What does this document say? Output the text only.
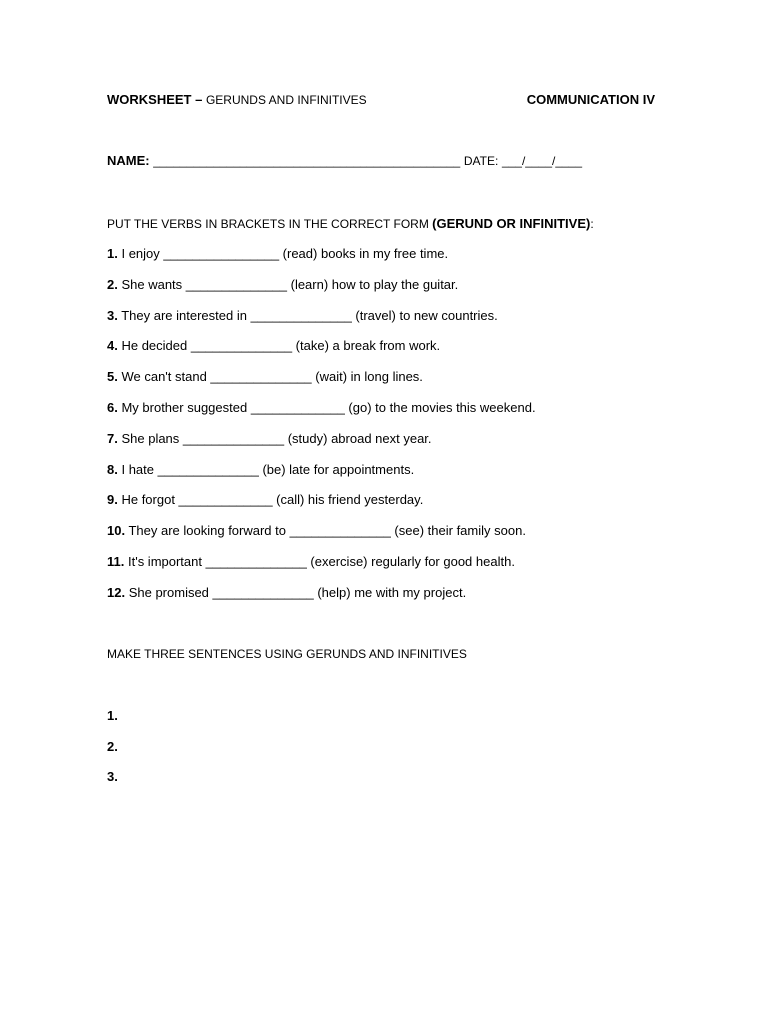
WORKSHEET – GERUNDS AND INFINITIVES	COMMUNICATION IV
NAME: ______________________________________________ DATE: ___/____/____
PUT THE VERBS IN BRACKETS IN THE CORRECT FORM (GERUND OR INFINITIVE):
1. I enjoy ________________ (read) books in my free time.
2. She wants ______________ (learn) how to play the guitar.
3. They are interested in ______________ (travel) to new countries.
4. He decided ______________ (take) a break from work.
5. We can't stand ______________ (wait) in long lines.
6. My brother suggested _____________ (go) to the movies this weekend.
7. She plans ______________ (study) abroad next year.
8. I hate ______________ (be) late for appointments.
9. He forgot _____________ (call) his friend yesterday.
10. They are looking forward to ______________ (see) their family soon.
11. It's important ______________ (exercise) regularly for good health.
12. She promised ______________ (help) me with my project.
MAKE THREE SENTENCES USING GERUNDS AND INFINITIVES
1.
2.
3.
